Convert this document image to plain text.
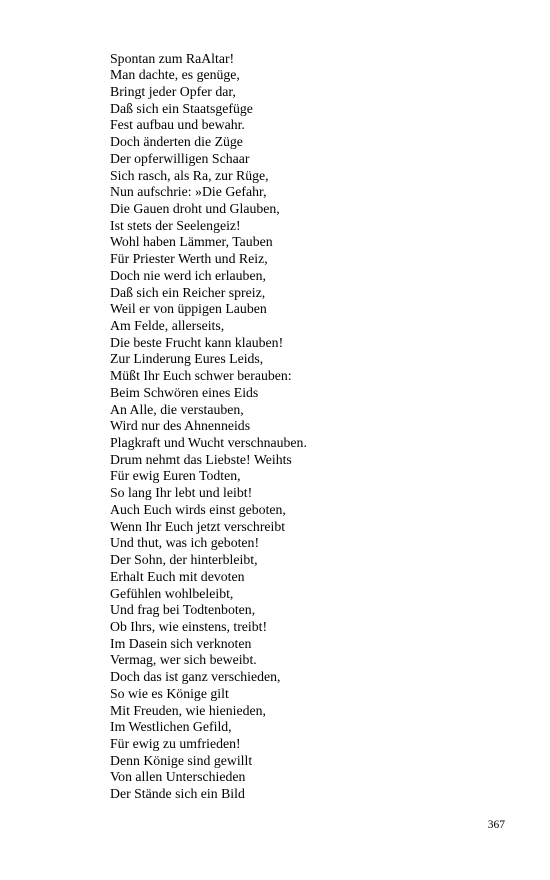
Spontan zum RaAltar!
Man dachte, es genüge,
Bringt jeder Opfer dar,
Daß sich ein Staatsgefüge
Fest aufbau und bewahr.
Doch änderten die Züge
Der opferwilligen Schaar
Sich rasch, als Ra, zur Rüge,
Nun aufschrie: »Die Gefahr,
Die Gauen droht und Glauben,
Ist stets der Seelengeiz!
Wohl haben Lämmer, Tauben
Für Priester Werth und Reiz,
Doch nie werd ich erlauben,
Daß sich ein Reicher spreiz,
Weil er von üppigen Lauben
Am Felde, allerseits,
Die beste Frucht kann klauben!
Zur Linderung Eures Leids,
Müßt Ihr Euch schwer berauben:
Beim Schwören eines Eids
An Alle, die verstauben,
Wird nur des Ahnenneids
Plagkraft und Wucht verschnauben.
Drum nehmt das Liebste! Weihts
Für ewig Euren Todten,
So lang Ihr lebt und leibt!
Auch Euch wirds einst geboten,
Wenn Ihr Euch jetzt verschreibt
Und thut, was ich geboten!
Der Sohn, der hinterbleibt,
Erhalt Euch mit devoten
Gefühlen wohlbeleibt,
Und frag bei Todtenboten,
Ob Ihrs, wie einstens, treibt!
Im Dasein sich verknoten
Vermag, wer sich beweibt.
Doch das ist ganz verschieden,
So wie es Könige gilt
Mit Freuden, wie hienieden,
Im Westlichen Gefild,
Für ewig zu umfrieden!
Denn Könige sind gewillt
Von allen Unterschieden
Der Stände sich ein Bild
367
